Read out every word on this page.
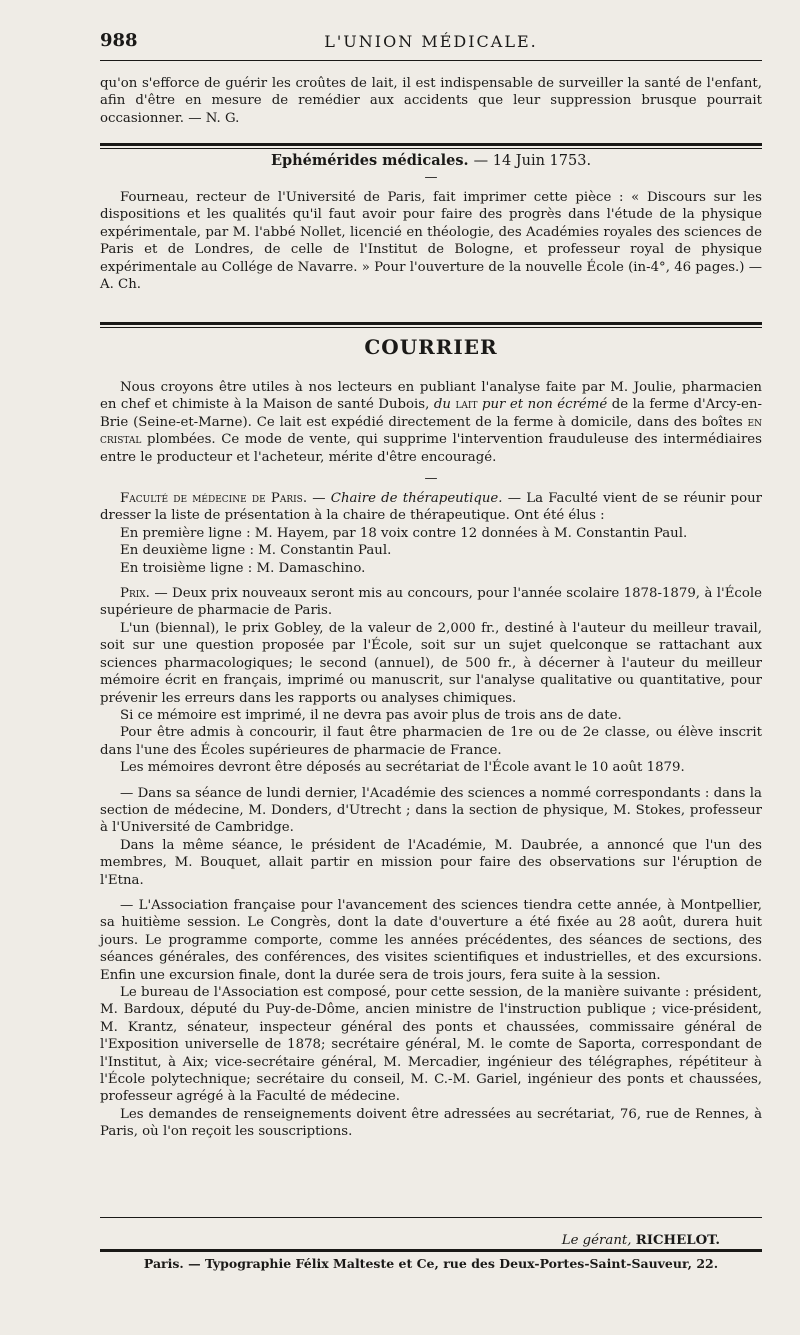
988	L'UNION MÉDICALE.

qu'on s'efforce de guérir les croûtes de lait, il est indispensable de surveiller la santé de l'enfant, afin d'être en mesure de remédier aux accidents que leur suppression brusque pourrait occasionner. — N. G.

Ephémérides médicales. — 14 Juin 1753.
—

Fourneau, recteur de l'Université de Paris, fait imprimer cette pièce : « Discours sur les dispositions et les qualités qu'il faut avoir pour faire des progrès dans l'étude de la physique expérimentale, par M. l'abbé Nollet, licencié en théologie, des Académies royales des sciences de Paris et de Londres, de celle de l'Institut de Bologne, et professeur royal de physique expérimentale au Collége de Navarre. » Pour l'ouverture de la nouvelle École (in-4°, 46 pages.) — A. Ch.

COURRIER

Nous croyons être utiles à nos lecteurs en publiant l'analyse faite par M. Joulie, pharmacien en chef et chimiste à la Maison de santé Dubois, du lait pur et non écrémé de la ferme d'Arcy-en-Brie (Seine-et-Marne). Ce lait est expédié directement de la ferme à domicile, dans des boîtes en cristal plombées. Ce mode de vente, qui supprime l'intervention frauduleuse des intermédiaires entre le producteur et l'acheteur, mérite d'être encouragé.

—

Faculté de médecine de Paris. — Chaire de thérapeutique. — La Faculté vient de se réunir pour dresser la liste de présentation à la chaire de thérapeutique. Ont été élus :

En première ligne : M. Hayem, par 18 voix contre 12 données à M. Constantin Paul.

En deuxième ligne : M. Constantin Paul.

En troisième ligne : M. Damaschino.

Prix. — Deux prix nouveaux seront mis au concours, pour l'année scolaire 1878-1879, à l'École supérieure de pharmacie de Paris.

L'un (biennal), le prix Gobley, de la valeur de 2,000 fr., destiné à l'auteur du meilleur travail, soit sur une question proposée par l'École, soit sur un sujet quelconque se rattachant aux sciences pharmacologiques; le second (annuel), de 500 fr., à décerner à l'auteur du meilleur mémoire écrit en français, imprimé ou manuscrit, sur l'analyse qualitative ou quantitative, pour prévenir les erreurs dans les rapports ou analyses chimiques.

Si ce mémoire est imprimé, il ne devra pas avoir plus de trois ans de date.

Pour être admis à concourir, il faut être pharmacien de 1re ou de 2e classe, ou élève inscrit dans l'une des Écoles supérieures de pharmacie de France.

Les mémoires devront être déposés au secrétariat de l'École avant le 10 août 1879.

— Dans sa séance de lundi dernier, l'Académie des sciences a nommé correspondants : dans la section de médecine, M. Donders, d'Utrecht ; dans la section de physique, M. Stokes, professeur à l'Université de Cambridge.

Dans la même séance, le président de l'Académie, M. Daubrée, a annoncé que l'un des membres, M. Bouquet, allait partir en mission pour faire des observations sur l'éruption de l'Etna.

— L'Association française pour l'avancement des sciences tiendra cette année, à Montpellier, sa huitième session. Le Congrès, dont la date d'ouverture a été fixée au 28 août, durera huit jours. Le programme comporte, comme les années précédentes, des séances de sections, des séances générales, des conférences, des visites scientifiques et industrielles, et des excursions. Enfin une excursion finale, dont la durée sera de trois jours, fera suite à la session.

Le bureau de l'Association est composé, pour cette session, de la manière suivante : président, M. Bardoux, député du Puy-de-Dôme, ancien ministre de l'instruction publique ; vice-président, M. Krantz, sénateur, inspecteur général des ponts et chaussées, commissaire général de l'Exposition universelle de 1878; secrétaire général, M. le comte de Saporta, correspondant de l'Institut, à Aix; vice-secrétaire général, M. Mercadier, ingénieur des télégraphes, répétiteur à l'École polytechnique; secrétaire du conseil, M. C.-M. Gariel, ingénieur des ponts et chaussées, professeur agrégé à la Faculté de médecine.

Les demandes de renseignements doivent être adressées au secrétariat, 76, rue de Rennes, à Paris, où l'on reçoit les souscriptions.

Le gérant, RICHELOT.
Paris. — Typographie Félix Malteste et Ce, rue des Deux-Portes-Saint-Sauveur, 22.
